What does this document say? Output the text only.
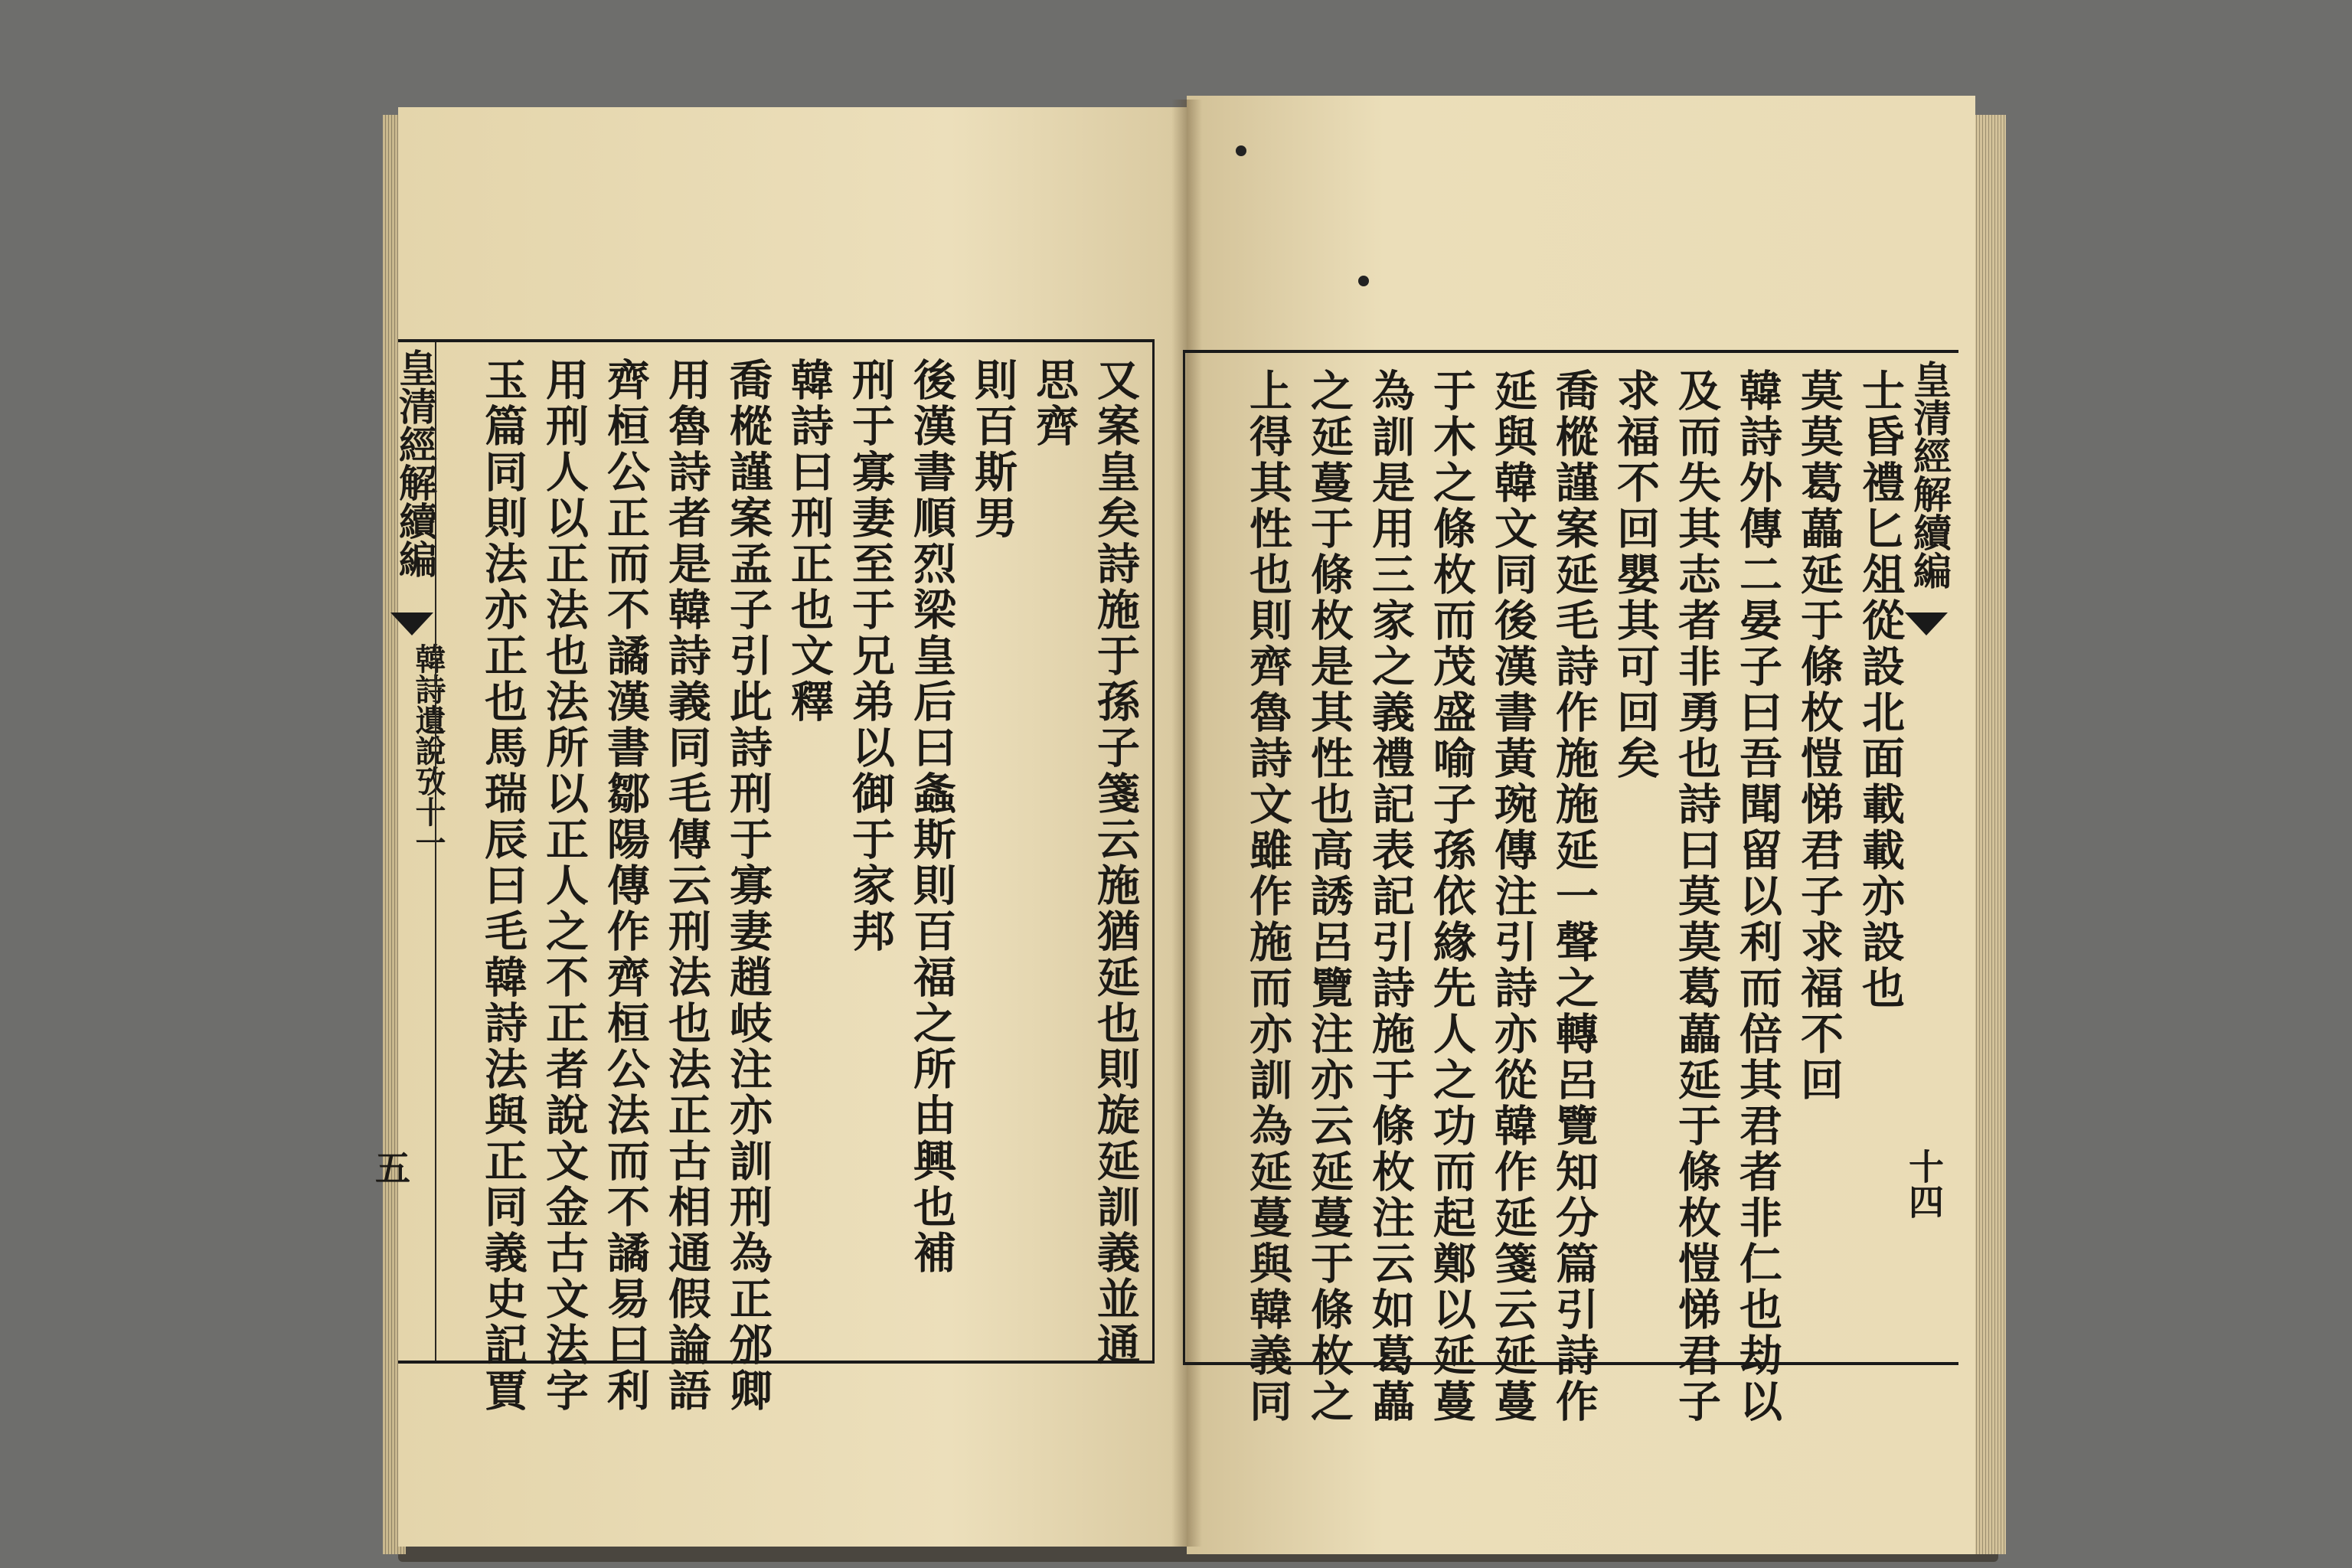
皇清經解續編
韓詩遺說攷十一
五
皇清經解續編
十四
又案皇矣詩施于孫子箋云施猶延也則旋延訓義並通
思齊
則百斯男
後漢書順烈梁皇后曰螽斯則百福之所由興也補
刑于寡妻至于兄弟以御于家邦
韓詩曰刑正也文釋
喬樅謹案孟子引此詩刑于寡妻趙岐注亦訓刑為正邠卿
用魯詩者是韓詩義同毛傳云刑法也法正古相通假論語
齊桓公正而不譎漢書鄒陽傳作齊桓公法而不譎易曰利
用刑人以正法也法所以正人之不正者說文金古文法字
玉篇同則法亦正也馬瑞辰曰毛韓詩法與正同義史記賈	士昏禮匕俎從設北面載載亦設也
莫莫葛藟延于條枚愷悌君子求福不回
韓詩外傳二晏子曰吾聞留以利而倍其君者非仁也劫以
及而失其志者非勇也詩曰莫莫葛藟延于條枚愷悌君子
求福不回嬰其可回矣
喬樅謹案延毛詩作施施延一聲之轉呂覽知分篇引詩作
延與韓文同後漢書黃琬傳注引詩亦從韓作延箋云延蔓
于木之條枚而茂盛喻子孫依緣先人之功而起鄭以延蔓
為訓是用三家之義禮記表記引詩施于條枚注云如葛藟
之延蔓于條枚是其性也高誘呂覽注亦云延蔓于條枚之
上得其性也則齊魯詩文雖作施而亦訓為延蔓與韓義同
